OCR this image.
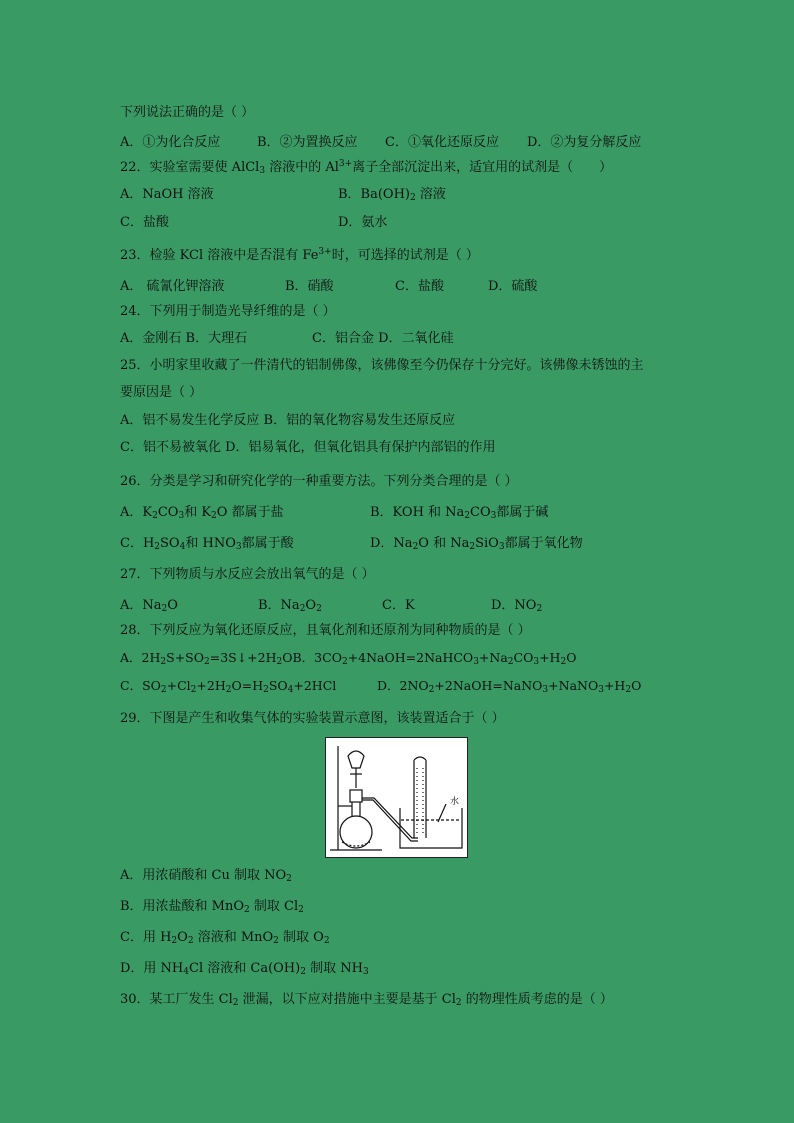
下列说法正确的是（ ）
A．①为化合反应	B．②为置换反应 C．①氧化还原反应 D．②为复分解反应
22．实验室需要使 AlCl$_3$ 溶液中的 $Al^{3+}$离子全部沉淀出来，适宜用的试剂是（　　）
A．NaOH 溶液	B．$Ba(OH)_2$ 溶液
C．盐酸	D．氨水
23．检验 KCl 溶液中是否混有 $Fe^{3+}$时，可选择的试剂是（ ）
A． 硫氰化钾溶液	B．硝酸	C．盐酸	D．硫酸
24．下列用于制造光导纤维的是（ ）
A．金刚石 B．大理石	C．铝合金 D．二氧化硅
25．小明家里收藏了一件清代的铝制佛像，该佛像至今仍保存十分完好。该佛像未锈蚀的主
要原因是（ ）
A．铝不易发生化学反应 B．铝的氧化物容易发生还原反应
C．铝不易被氧化 D．铝易氧化，但氧化铝具有保护内部铝的作用
26．分类是学习和研究化学的一种重要方法。下列分类合理的是（ ）
A．$K_2CO_3$和 $K_2O$ 都属于盐	B．KOH 和 $Na_2CO_3$都属于碱
C．$H_2SO_4$和 $HNO_3$都属于酸	D．$Na_2O$ 和 $Na_2SiO_3$都属于氧化物
27．下列物质与水反应会放出氧气的是（ ）
A．$Na_2O$	B．$Na_2O_2$	C．K	D．$NO_2$
28．下列反应为氧化还原反应，且氧化剂和还原剂为同种物质的是（ ）
A．$2H_2S+SO_2=3S↓+2H_2OB$．$3CO_2+4NaOH=2NaHCO_3+Na_2CO_3+H_2O$
C．$SO_2+Cl_2+2H_2O=H_2SO_4+2HCl$	D．$2NO_2+2NaOH=NaNO_3+NaNO_3+H_2O$
29．下图是产生和收集气体的实验装置示意图，该装置适合于（ ）
水
A．用浓硝酸和 Cu 制取 $NO_2$
B．用浓盐酸和 MnO$_2$ 制取 $Cl_2$
C．用 $H_2O_2$ 溶液和 MnO$_2$ 制取 $O_2$
D．用 $NH_4Cl$ 溶液和 $Ca(OH)_2$ 制取 $NH_3$
30．某工厂发生 $Cl_2$ 泄漏，以下应对措施中主要是基于 $Cl_2$ 的物理性质考虑的是（ ）
